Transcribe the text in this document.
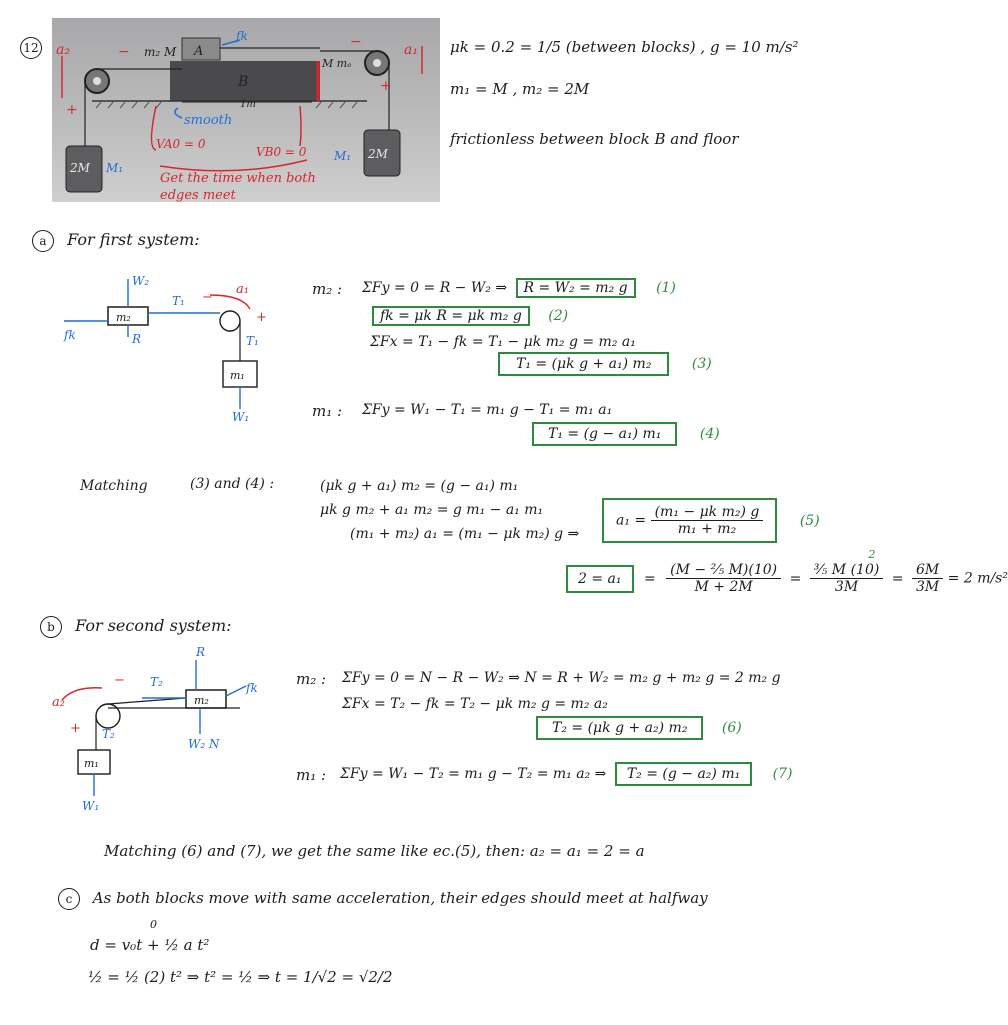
12 a₂	−
−
+
+
a₁
m₂ M A
fk
B
M mₑ
1m
smooth
VA0 = 0
VB0 = 0
2M M₁
2M
M₁
Get the time when both
edges meet
μk = 0.2 = 1/5 (between blocks) , g = 10 m/s²
m₁ = M , m₂ = 2M
frictionless between block B and floor
a For first system:
W₂
T₁
a₁
−
+
m₂
fk	R	T₁
m₁
W₁
m₂ : ΣFy = 0 = R − W₂ ⇒ R = W₂ = m₂ g (1)
fk = μk R = μk m₂ g (2)
ΣFx = T₁ − fk = T₁ − μk m₂ g = m₂ a₁
T₁ = (μk g + a₁) m₂	(3)
m₁ : ΣFy = W₁ − T₁ = m₁ g − T₁ = m₁ a₁
T₁ = (g − a₁) m₁	(4)
Matching	(3) and (4) :	(μk g + a₁) m₂ = (g − a₁) m₁
μk g m₂ + a₁ m₂ = g m₁ − a₁ m₁
(m₁ + m₂) a₁ = (m₁ − μk m₂) g ⇒
$a_1 = \frac{\text{(m₁ − μk m₂) g}}{\text{m₁ + m₂}}$	(5)
$2 = a_1 = \frac{\text{(M − ⅖ M)(10)}}{M + 2M}$ =
2
⅗ M (10)
3M
= $\frac{6M}{3M} = 2$ m/s²
b For second system:
R
T₂	fk
a₂
−
+
m₂
T₂
W₂ N
m₁
W₁
m₂ : ΣFy = 0 = N − R − W₂ ⇒ N = R + W₂ = m₂ g + m₂ g = 2 m₂ g
ΣFx = T₂ − fk = T₂ − μk m₂ g = m₂ a₂
T₂ = (μk g + a₂) m₂ (6)
m₁ : ΣFy = W₁ − T₂ = m₁ g − T₂ = m₁ a₂ ⇒ T₂ = (g − a₂) m₁ (7)
Matching (6) and (7), we get the same like ec.(5), then: a₂ = a₁ = 2 = a
c As both blocks move with same acceleration, their edges should meet at halfway
0
d = v₀t + ½ a t²
½ = ½ (2) t² ⇒ t² = ½ ⇒ t = 1/√2 = √2/2
